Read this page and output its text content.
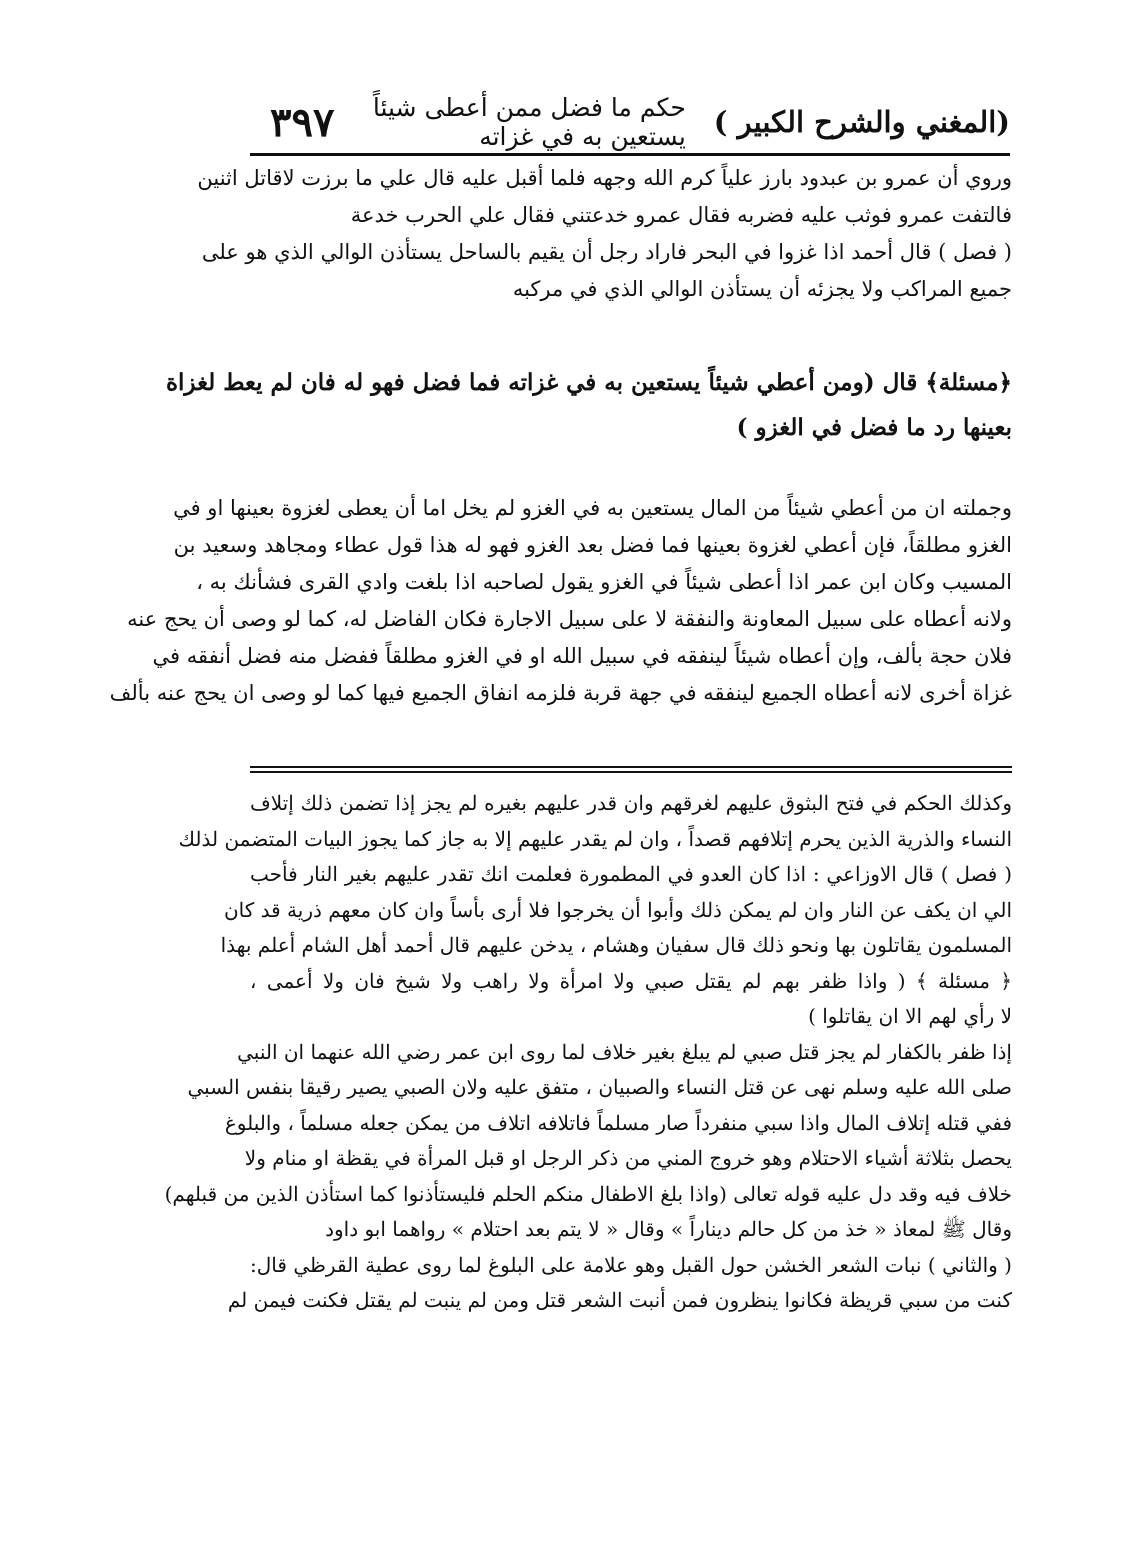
(المغني والشرح الكبير )
حكم ما فضل ممن أعطى شيئاً يستعين به في غزاته
٣٩٧
وروي أن عمرو بن عبدود بارز علياً كرم الله وجهه فلما أقبل عليه قال علي ما برزت لاقاتل اثنين
فالتفت عمرو فوثب عليه فضربه فقال عمرو خدعتني فقال علي الحرب خدعة
( فصل ) قال أحمد اذا غزوا في البحر فاراد رجل أن يقيم بالساحل يستأذن الوالي الذي هو على
جميع المراكب ولا يجزئه أن يستأذن الوالي الذي في مركبه
﴿مسئلة﴾ قال (ومن أعطي شيئاً يستعين به في غزاته فما فضل فهو له فان لم يعط لغزاة
بعينها رد ما فضل في الغزو )
وجملته ان من أعطي شيئاً من المال يستعين به في الغزو لم يخل اما أن يعطى لغزوة بعينها او في
الغزو مطلقاً، فإن أعطي لغزوة بعينها فما فضل بعد الغزو فهو له هذا قول عطاء ومجاهد وسعيد بن
المسيب وكان ابن عمر اذا أعطى شيئاً في الغزو يقول لصاحبه اذا بلغت وادي القرى فشأنك به ،
ولانه أعطاه على سبيل المعاونة والنفقة لا على سبيل الاجارة فكان الفاضل له، كما لو وصى أن يحج عنه
فلان حجة بألف، وإن أعطاه شيئاً لينفقه في سبيل الله او في الغزو مطلقاً ففضل منه فضل أنفقه في
غزاة أخرى لانه أعطاه الجميع لينفقه في جهة قربة فلزمه انفاق الجميع فيها كما لو وصى ان يحج عنه بألف
وكذلك الحكم في فتح البثوق عليهم لغرقهم وان قدر عليهم بغيره لم يجز إذا تضمن ذلك إتلاف
النساء والذرية الذين يحرم إتلافهم قصداً ، وان لم يقدر عليهم إلا به جاز كما يجوز البيات المتضمن لذلك
( فصل ) قال الاوزاعي : اذا كان العدو في المطمورة فعلمت انك تقدر عليهم بغير النار فأحب
الي ان يكف عن النار وان لم يمكن ذلك وأبوا أن يخرجوا فلا أرى بأساً وان كان معهم ذرية قد كان
المسلمون يقاتلون بها ونحو ذلك قال سفيان وهشام ، يدخن عليهم قال أحمد أهل الشام أعلم بهذا
﴿ مسئلة ﴾ ( واذا ظفر بهم لم يقتل صبي ولا امرأة ولا راهب ولا شيخ فان ولا أعمى ،
لا رأي لهم الا ان يقاتلوا )
إذا ظفر بالكفار لم يجز قتل صبي لم يبلغ بغير خلاف لما روى ابن عمر رضي الله عنهما ان النبي
صلى الله عليه وسلم نهى عن قتل النساء والصبيان ، متفق عليه ولان الصبي يصير رقيقا بنفس السبي
ففي قتله إتلاف المال واذا سبي منفرداً صار مسلماً فاتلافه اتلاف من يمكن جعله مسلماً ، والبلوغ
يحصل بثلاثة أشياء الاحتلام وهو خروج المني من ذكر الرجل او قبل المرأة في يقظة او منام ولا
خلاف فيه وقد دل عليه قوله تعالى (واذا بلغ الاطفال منكم الحلم فليستأذنوا كما استأذن الذين من قبلهم)
وقال ﷺ لمعاذ « خذ من كل حالم ديناراً » وقال « لا يتم بعد احتلام » رواهما ابو داود
( والثاني ) نبات الشعر الخشن حول القبل وهو علامة على البلوغ لما روى عطية القرظي قال:
كنت من سبي قريظة فكانوا ينظرون فمن أنبت الشعر قتل ومن لم ينبت لم يقتل فكنت فيمن لم
